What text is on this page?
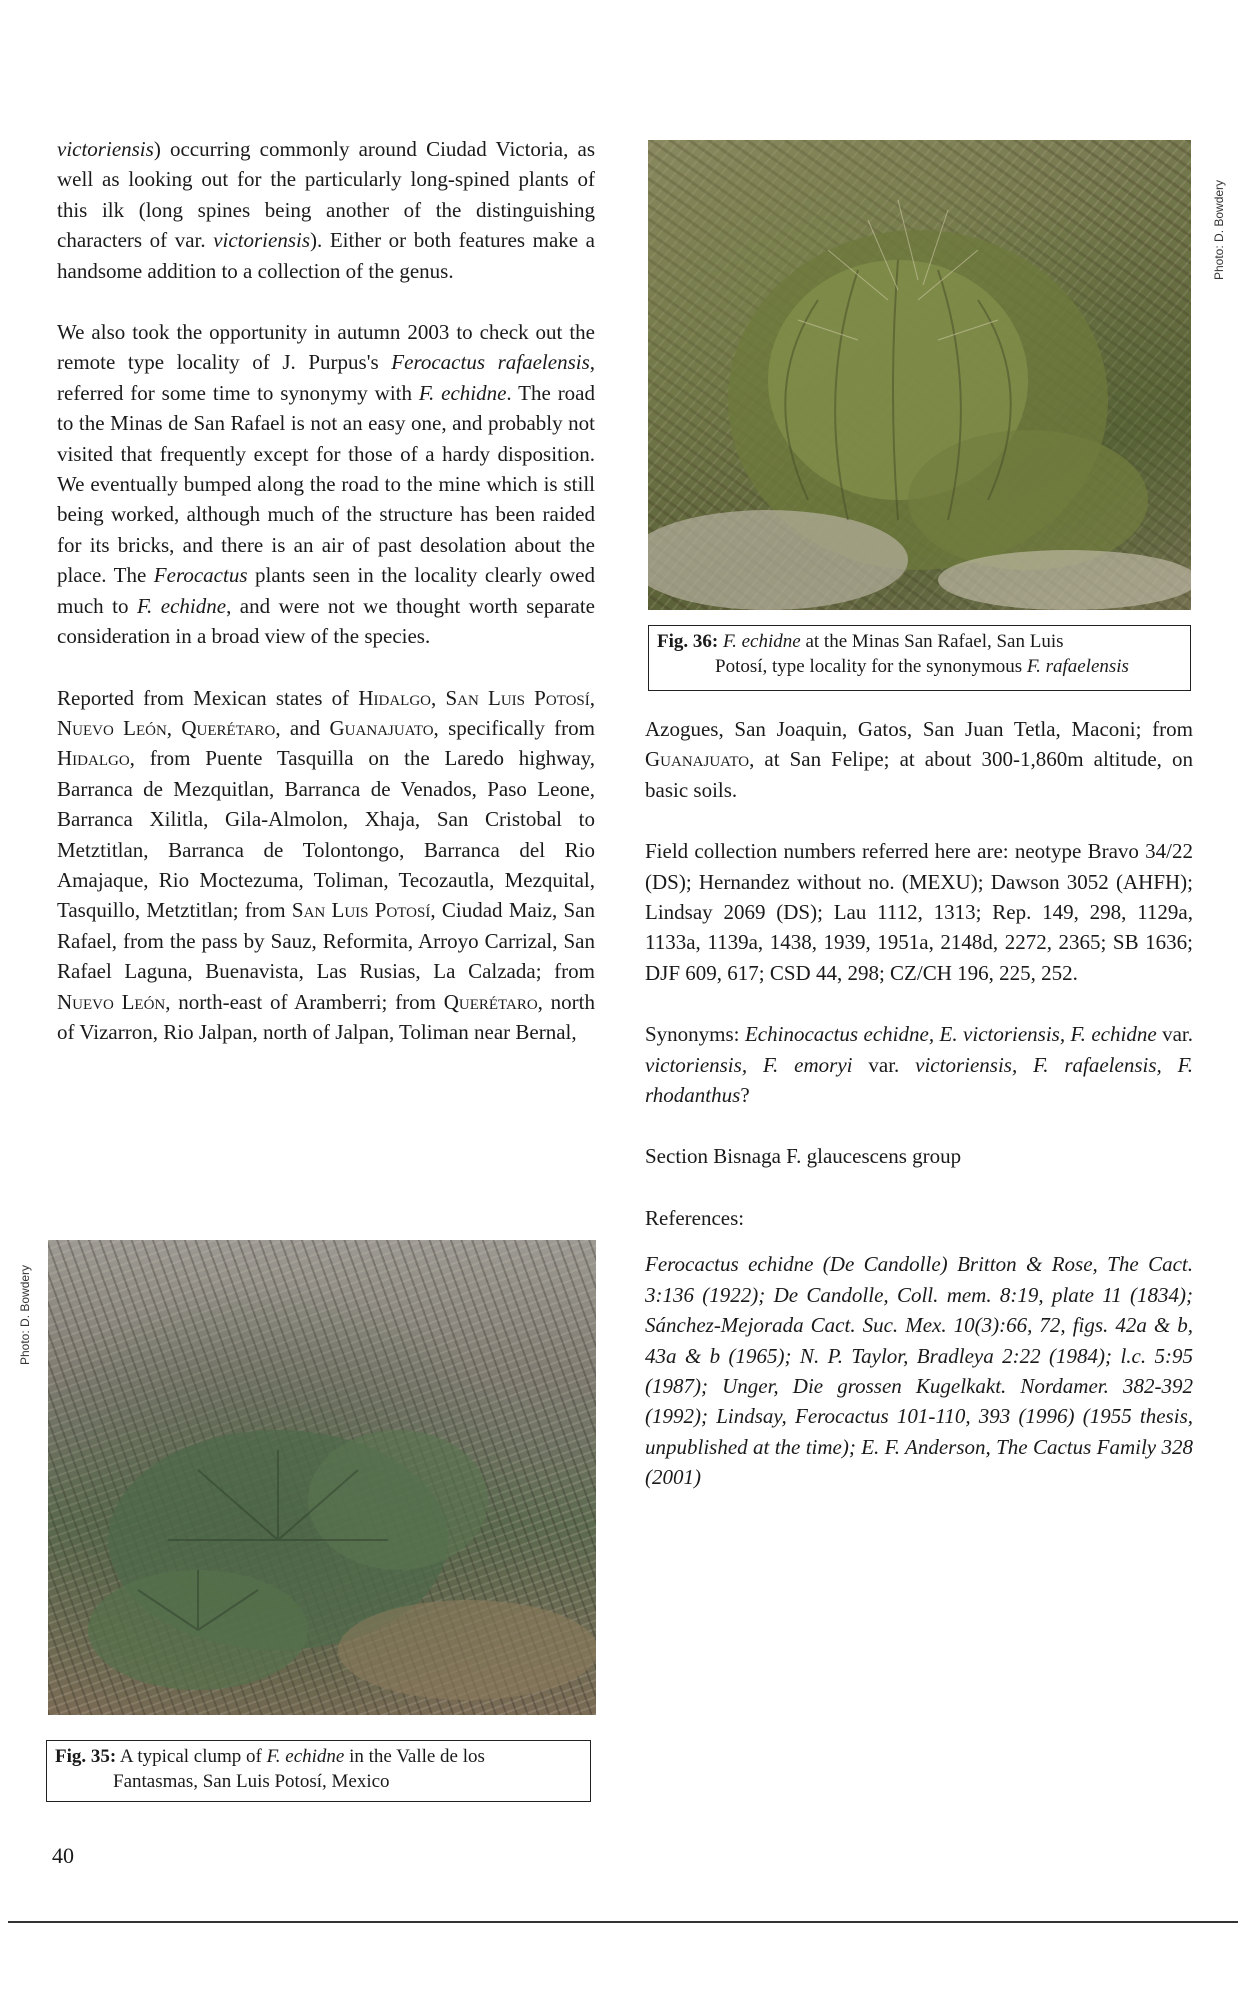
victoriensis) occurring commonly around Ciudad Victoria, as well as looking out for the particularly long-spined plants of this ilk (long spines being another of the distinguishing characters of var. victoriensis). Either or both features make a handsome addition to a collection of the genus.

We also took the opportunity in autumn 2003 to check out the remote type locality of J. Purpus's Ferocactus rafaelensis, referred for some time to synonymy with F. echidne. The road to the Minas de San Rafael is not an easy one, and probably not visited that frequently except for those of a hardy disposition. We eventually bumped along the road to the mine which is still being worked, although much of the structure has been raided for its bricks, and there is an air of past desolation about the place. The Ferocactus plants seen in the locality clearly owed much to F. echidne, and were not we thought worth separate consideration in a broad view of the species.

Reported from Mexican states of Hidalgo, San Luis Potosí, Nuevo León, Querétaro, and Guanajuato, specifically from Hidalgo, from Puente Tasquilla on the Laredo highway, Barranca de Mezquitlan, Barranca de Venados, Paso Leone, Barranca Xilitla, Gila-Almolon, Xhaja, San Cristobal to Metztitlan, Barranca de Tolontongo, Barranca del Rio Amajaque, Rio Moctezuma, Toliman, Tecozautla, Mezquital, Tasquillo, Metztitlan; from San Luis Potosí, Ciudad Maiz, San Rafael, from the pass by Sauz, Reformita, Arroyo Carrizal, San Rafael Laguna, Buenavista, Las Rusias, La Calzada; from Nuevo León, north-east of Aramberri; from Querétaro, north of Vizarron, Rio Jalpan, north of Jalpan, Toliman near Bernal,

Photo: D. Bowdery
Fig. 36: F. echidne at the Minas San Rafael, San Luis
Potosí, type locality for the synonymous F. rafaelensis

Azogues, San Joaquin, Gatos, San Juan Tetla, Maconi; from Guanajuato, at San Felipe; at about 300-1,860m altitude, on basic soils.

Field collection numbers referred here are: neotype Bravo 34/22 (DS); Hernandez without no. (MEXU); Dawson 3052 (AHFH); Lindsay 2069 (DS); Lau 1112, 1313; Rep. 149, 298, 1129a, 1133a, 1139a, 1438, 1939, 1951a, 2148d, 2272, 2365; SB 1636; DJF 609, 617; CSD 44, 298; CZ/CH 196, 225, 252.

Synonyms: Echinocactus echidne, E. victoriensis, F. echidne var. victoriensis, F. emoryi var. victoriensis, F. rafaelensis, F. rhodanthus?

Section Bisnaga F. glaucescens group

References:

Ferocactus echidne (De Candolle) Britton & Rose, The Cact. 3:136 (1922); De Candolle, Coll. mem. 8:19, plate 11 (1834); Sánchez-Mejorada Cact. Suc. Mex. 10(3):66, 72, figs. 42a & b, 43a & b (1965); N. P. Taylor, Bradleya 2:22 (1984); l.c. 5:95 (1987); Unger, Die grossen Kugelkakt. Nordamer. 382-392 (1992); Lindsay, Ferocactus 101-110, 393 (1996) (1955 thesis, unpublished at the time); E. F. Anderson, The Cactus Family 328 (2001)

Photo: D. Bowdery
Fig. 35: A typical clump of F. echidne in the Valle de los
Fantasmas, San Luis Potosí, Mexico
40
